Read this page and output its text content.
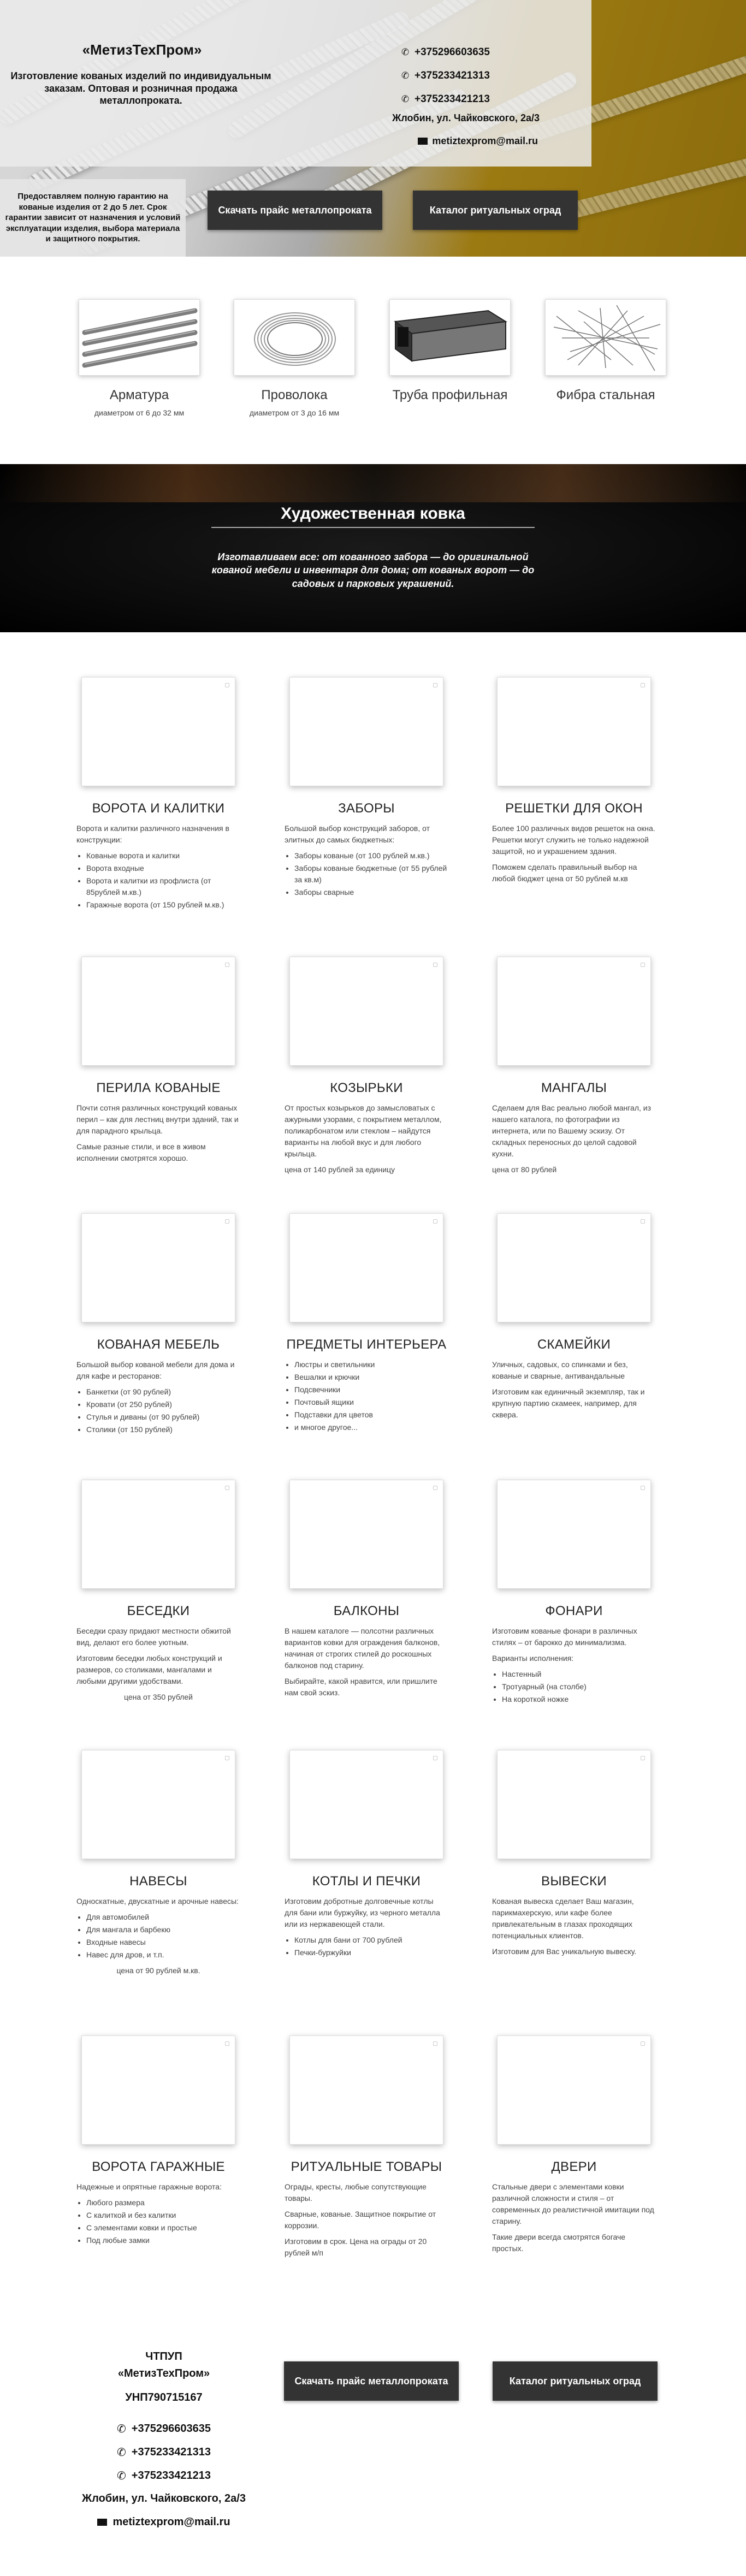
«МетизТехПром»
Изготовление кованых изделий по индивидуальным заказам. Оптовая и розничная продажа металлопроката.
✆ +375296603635
✆ +375233421313
✆ +375233421213
Жлобин, ул. Чайковского, 2а/3
metiztexprom@mail.ru
Предоставляем полную гарантию на кованые изделия от 2 до 5 лет. Срок гарантии зависит от назначения и условий эксплуатации изделия, выбора материала и защитного покрытия.
Скачать прайс металлопроката	Каталог ритуальных оград
Арматура
диаметром от 6 до 32 мм
Проволока
диаметром от 3 до 16 мм
Труба профильная	Фибра стальная
Художественная ковка
Изготавливаем все: от кованного забора — до оригинальной кованой мебели и инвентаря для дома; от кованых ворот — до садовых и парковых украшений.
ВОРОТА И КАЛИТКИ

Ворота и калитки различного назначения в конструкции:

• Кованые ворота и калитки
• Ворота входные
• Ворота и калитки из профлиста (от 85рублей м.кв.)
• Гаражные ворота (от 150 рублей м.кв.)
ЗАБОРЫ

Большой выбор конструкций заборов, от элитных до самых бюджетных:

• Заборы кованые (от 100 рублей м.кв.)
• Заборы кованые бюджетные (от 55 рублей за кв.м)
• Заборы сварные
РЕШЕТКИ ДЛЯ ОКОН

Более 100 различных видов решеток на окна. Решетки могут служить не только надежной защитой, но и украшением здания.

Поможем сделать правильный выбор на любой бюджет цена от 50 рублей м.кв

ПЕРИЛА КОВАНЫЕ

Почти сотня различных конструкций кованых перил – как для лестниц внутри зданий, так и для парадного крыльца.

Самые разные стили, и все в живом исполнении смотрятся хорошо.

КОЗЫРЬКИ

От простых козырьков до замысловатых с ажурными узорами, с покрытием металлом, поликарбонатом или стеклом – найдутся варианты на любой вкус и для любого крыльца.

цена от 140 рублей за единицу

МАНГАЛЫ

Сделаем для Вас реально любой мангал, из нашего каталога, по фотографии из интернета, или по Вашему эскизу. От складных переносных до целой садовой кухни.

цена от 80 рублей

КОВАНАЯ МЕБЕЛЬ

Большой выбор кованой мебели для дома и для кафе и ресторанов:

• Банкетки (от 90 рублей)
• Кровати (от 250 рублей)
• Стулья и диваны (от 90 рублей)
• Столики (от 150 рублей)
ПРЕДМЕТЫ ИНТЕРЬЕРА
• Люстры и светильники
• Вешалки и крючки
• Подсвечники
• Почтовый ящики
• Подставки для цветов
• и многое другое...
СКАМЕЙКИ

Уличных, садовых, со спинками и без, кованые и сварные, антивандальные

Изготовим как единичный экземпляр, так и крупную партию скамеек, например, для сквера.

БЕСЕДКИ

Беседки сразу придают местности обжитой вид, делают его более уютным.

Изготовим беседки любых конструкций и размеров, со столиками, мангалами и любыми другими удобствами.

цена от 350 рублей

БАЛКОНЫ

В нашем каталоге — полсотни различных вариантов ковки для ограждения балконов, начиная от строгих стилей до роскошных балконов под старину.

Выбирайте, какой нравится, или пришлите нам свой эскиз.

ФОНАРИ

Изготовим кованые фонари в различных стилях – от барокко до минимализма.

Варианты исполнения:

• Настенный
• Тротуарный (на столбе)
• На короткой ножке
НАВЕСЫ

Односкатные, двускатные и арочные навесы:

• Для автомобилей
• Для мангала и барбекю
• Входные навесы
• Навес для дров, и т.п.

цена от 90 рублей м.кв.

КОТЛЫ И ПЕЧКИ

Изготовим добротные долговечные котлы для бани или буржуйку, из черного металла или из нержавеющей стали.

• Котлы для бани от 700 рублей
• Печки-буржуйки
ВЫВЕСКИ

Кованая вывеска сделает Ваш магазин, парикмахерскую, или кафе более привлекательным в глазах проходящих потенциальных клиентов.

Изготовим для Вас уникальную вывеску.

ВОРОТА ГАРАЖНЫЕ

Надежные и опрятные гаражные ворота:

• Любого размера
• С калиткой и без калитки
• С элементами ковки и простые
• Под любые замки
РИТУАЛЬНЫЕ ТОВАРЫ

Ограды, кресты, любые сопутствующие товары.

Сварные, кованые. Защитное покрытие от коррозии.

Изготовим в срок. Цена на ограды от 20 рублей м/п

ДВЕРИ

Стальные двери с элементами ковки различной сложности и стиля – от современных до реалистичной имитации под старину.

Такие двери всегда смотрятся богаче простых.

ЧТПУП
«МетизТехПром»
УНП790715167
✆ +375296603635
✆ +375233421313
✆ +375233421213
Жлобин, ул. Чайковского, 2а/3
metiztexprom@mail.ru
Скачать прайс металлопроката	Каталог ритуальных оград
